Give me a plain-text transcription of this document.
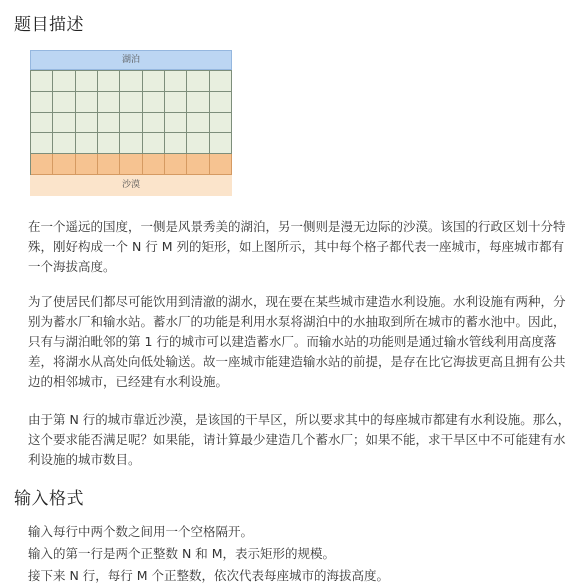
题目描述
湖泊
沙漠

在一个遥远的国度，一侧是风景秀美的湖泊，另一侧则是漫无边际的沙漠。该国的行政区划十分特殊，刚好构成一个 N 行 M 列的矩形，如上图所示，其中每个格子都代表一座城市，每座城市都有一个海拔高度。

为了使居民们都尽可能饮用到清澈的湖水，现在要在某些城市建造水利设施。水利设施有两种，分别为蓄水厂和输水站。蓄水厂的功能是利用水泵将湖泊中的水抽取到所在城市的蓄水池中。因此，只有与湖泊毗邻的第 1 行的城市可以建造蓄水厂。而输水站的功能则是通过输水管线利用高度落差，将湖水从高处向低处输送。故一座城市能建造输水站的前提，是存在比它海拔更高且拥有公共边的相邻城市，已经建有水利设施。

由于第 N 行的城市靠近沙漠，是该国的干旱区，所以要求其中的每座城市都建有水利设施。那么，这个要求能否满足呢？如果能，请计算最少建造几个蓄水厂；如果不能，求干旱区中不可能建有水利设施的城市数目。

输入格式
输入每行中两个数之间用一个空格隔开。
输入的第一行是两个正整数 N 和 M，表示矩形的规模。
接下来 N 行，每行 M 个正整数，依次代表每座城市的海拔高度。
